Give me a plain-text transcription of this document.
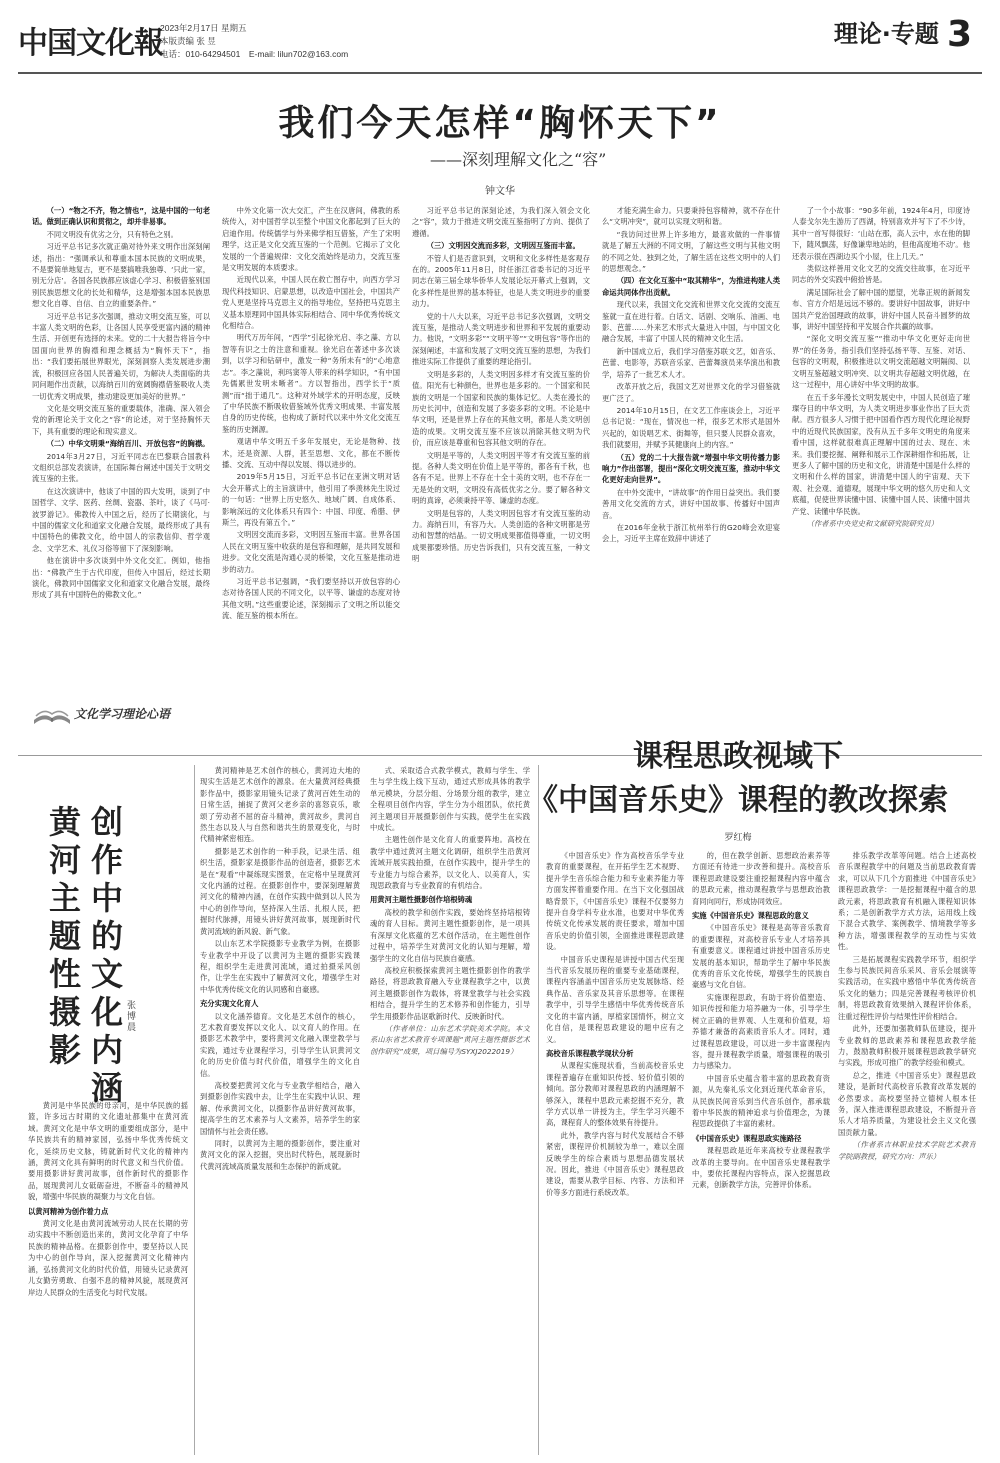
中国文化報
2023年2月17日 星期五
本版责编 张 昱
电话：010-64294501　E-mail: lilun702@163.com
理论·专题 3
我们今天怎样“胸怀天下”
——深刻理解文化之“容”
钟文华

（一）“物之不齐，物之情也”，这是中国的一句老话。做到正确认识和贯彻之，却并非易事。

不同文明没有优劣之分，只有特色之别。

习近平总书记多次就正确对待外来文明作出深刻阐述，指出：“强调承认和尊重本国本民族的文明成果，不是要简单地复古，更不是要搞唯我独尊、‘只此一家，别无分店’。各国各民族都应该虚心学习、积极借鉴别国别民族思想文化的长处和精华，这是增强本国本民族思想文化自尊、自信、自立的重要条件。”

习近平总书记多次强调，推动文明交流互鉴，可以丰富人类文明的色彩，让各国人民享受更富内涵的精神生活、开创更有选择的未来。党的二十大报告将旨今中国面向世界的胸襟和理念概括为“胸怀天下”，指出：“我们要拓展世界眼光，深刻洞察人类发展进步潮流，积极回应各国人民普遍关切，为解决人类面临的共同问题作出贡献，以海纳百川的宽阔胸襟借鉴吸收人类一切优秀文明成果，推动建设更加美好的世界。”

文化是交明交流互鉴的重要载体，准确、深入领会党的新理论关于文化之“容”的论述，对于坚持胸怀天下，具有重要的理论和现实意义。

（二）中华文明秉“海纳百川、开放包容”的胸襟。

2014年3月27日，习近平同志在巴黎联合国教科文组织总部发表演讲，在国际舞台阐述中国关于文明交流互鉴的主张。

在这次演讲中，他谈了中国的四大发明，谈到了中国哲学、文学、医药、丝绸、瓷器、茶叶，谈了《马可·波罗游记》。佛教传入中国之后，经历了长期演化，与中国的儒家文化和道家文化融合发展，最终形成了具有中国特色的佛教文化，给中国人的宗教信仰、哲学观念、文学艺术、礼仪习俗等留下了深刻影响。

他在演讲中多次谈到中外文化交汇。例如，他指出：“佛教产生于古代印度，但传入中国后，经过长期演化，佛教同中国儒家文化和道家文化融合发展，最终形成了具有中国特色的佛教文化。”

中外文化第一次大交汇，产生在汉唐间，佛教的系统传入，对中国哲学以至整个中国文化都起到了巨大的启迪作用。传统儒学与外来佛学相互借鉴，产生了宋明理学，这正是文化交流互鉴的一个范例。它揭示了文化发展的一个普遍规律：文化交流始终是动力，交流互鉴是文明发展的本质要求。

近现代以来，中国人民在救亡图存中，向西方学习现代科技知识、启蒙思想，以改造中国社会，中国共产党人更是坚持马克思主义的指导地位，坚持把马克思主义基本原理同中国具体实际相结合、同中华优秀传统文化相结合。

明代万历年间，“西学”引起徐光启、李之藻、方以智等有识之士的注意和重视。徐光启在著述中多次谈到，以学习和钻研中，激发一种“务所未有”的“心地意志”。李之藻说，利玛窦等人带来的科学知识，“有中国先儒累世发明未晰者”。方以智指出，西学长于“质测”而“拙于通几”。这种对外域学术的开明态度，反映了中华民族不断吸收借鉴域外优秀文明成果、丰富发展自身的历史传统，也构成了新时代以来中外文化交流互鉴的历史渊源。

观诸中华文明五千多年发展史，无论是物种、技术，还是资源、人群，甚至思想、文化，都在不断传播、交流、互动中得以发展、得以进步的。

2019年5月15日，习近平总书记在亚洲文明对话大会开幕式上的主旨演讲中，他引用了季羡林先生说过的一句话：“世界上历史悠久、地域广阔、自成体系、影响深远的文化体系只有四个：中国、印度、希腊、伊斯兰，再没有第五个。”

文明因交流而多彩，文明因互鉴而丰富。世界各国人民在文明互鉴中收获的是包容和理解，是共同发展和进步。文化交流是沟通心灵的桥梁，文化互鉴是推动进步的动力。

习近平总书记强调，“我们要坚持以开放包容的心态对待各国人民的不同文化，以平等、谦虚的态度对待其他文明。”这些重要论述，深刻揭示了文明之所以能交流、能互鉴的根本所在。

习近平总书记的深刻论述，为我们深入领会文化之“容”，致力于推进文明交流互鉴指明了方向、提供了遵循。

（三）文明因交流而多彩，文明因互鉴而丰富。

不管人们是否意识到，文明和文化多样性是客观存在的。2005年11月8日，时任浙江省委书记的习近平同志在第三届全球华侨华人发展论坛开幕式上强调，文化多样性是世界的基本特征，也是人类文明进步的重要动力。

党的十八大以来，习近平总书记多次强调，文明交流互鉴，是推动人类文明进步和世界和平发展的重要动力。他说，“文明多彩”“文明平等”“文明包容”等作出的深刻阐述，丰富和发展了文明交流互鉴的思想，为我们推进实际工作提供了重要的理论指引。

文明是多彩的，人类文明因多样才有交流互鉴的价值。阳光有七种颜色，世界也是多彩的。一个国家和民族的文明是一个国家和民族的集体记忆。人类在漫长的历史长河中，创造和发展了多姿多彩的文明。不论是中华文明，还是世界上存在的其他文明，都是人类文明创造的成果。文明交流互鉴不应该以消除其他文明为代价，而应该是尊重和包容其他文明的存在。

文明是平等的，人类文明因平等才有交流互鉴的前提。各种人类文明在价值上是平等的，都各有千秋，也各有不足。世界上不存在十全十美的文明，也不存在一无是处的文明，文明没有高低优劣之分。要了解各种文明的真谛，必须秉持平等、谦虚的态度。

文明是包容的，人类文明因包容才有交流互鉴的动力。海纳百川，有容乃大。人类创造的各种文明都是劳动和智慧的结晶。一切文明成果都值得尊重，一切文明成果都要珍惜。历史告诉我们，只有交流互鉴，一种文明

才能充满生命力。只要秉持包容精神，就不存在什么“文明冲突”，就可以实现文明和谐。

“我访问过世界上许多地方，最喜欢做的一件事情就是了解五大洲的不同文明，了解这些文明与其他文明的不同之处、独到之处，了解生活在这些文明中的人们的思想观念。”

（四）在文化互鉴中“取其精华”，为推进构建人类命运共同体作出贡献。

现代以来，我国文化交流和世界文化交流的交流互鉴就一直在进行着。白话文、话剧、交响乐、油画、电影、芭蕾……外来艺术形式大量进入中国，与中国文化融合发展，丰富了中国人民的精神文化生活。

新中国成立后，我们学习借鉴苏联文艺，如音乐、芭蕾、电影等，苏联音乐家、芭蕾舞演员来华演出和教学，培养了一批艺术人才。

改革开放之后，我国文艺对世界文化的学习借鉴就更广泛了。

2014年10月15日，在文艺工作座谈会上，习近平总书记说：“现在，情况也一样，很多艺术形式是国外兴起的，如说唱艺术、街舞等，但只要人民群众喜欢，我们就要用，并赋予其健康向上的内容。”

（五）党的二十大报告就“增强中华文明传播力影响力”作出部署，提出“深化文明交流互鉴，推动中华文化更好走向世界”。

在中外交流中，“讲故事”的作用日益突出。我们要善用文化交流的方式，讲好中国故事、传播好中国声音。

在2016年金秋于浙江杭州举行的G20峰会欢迎宴会上，习近平主席在致辞中讲述了

了一个小故事：“90多年前，1924年4月，印度诗人泰戈尔先生游历了西湖，特别喜欢并写下了不少诗，其中一首写得很好：‘山站在那，高人云中，水在他的脚下，随风飘荡，好像谦卑地站的，但他高度地不动’。他还表示很在西湖边买个小屋，住上几天。”

类似这样善用文化文艺的交流交往故事，在习近平同志的外交实践中俯拾皆是。

满足国际社会了解中国的愿望，光靠正规的新闻发布、官方介绍是远远不够的。要讲好中国故事，讲好中国共产党治国理政的故事，讲好中国人民奋斗圆梦的故事，讲好中国坚持和平发展合作共赢的故事。

“深化文明交流互鉴”“推动中华文化更好走向世界”的任务务，指引我们坚持弘扬平等、互鉴、对话、包容的文明观，积极推进以文明交流超越文明隔阂、以文明互鉴超越文明冲突、以文明共存超越文明优越，在这一过程中，用心讲好中华文明的故事。

在五千多年漫长文明发展史中，中国人民创造了璀璨夺目的中华文明，为人类文明进步事业作出了巨大贡献。西方很多人习惯于把中国看作西方现代化理论视野中的近现代民族国家，没有从五千多年文明史的角度来看中国，这样就很难真正理解中国的过去、现在、未来。我们要挖掘、阐释和展示工作深耕细作和拓展，让更多人了解中国的历史和文化，讲清楚中国是什么样的文明和什么样的国家，讲清楚中国人的宇宙观、天下观、社会观、道德观，展现中华文明的悠久历史和人文底蕴，促使世界读懂中国、读懂中国人民、读懂中国共产党、读懂中华民族。

（作者系中央党史和文献研究院研究员）

文化学习理论心语
创作中的文化内涵
黄河主题性摄影	张博晨

黄河是中华民族的母亲河，是中华民族的摇篮，许多远古时期的文化遗址都集中在黄河流域。黄河文化是中华文明的重要组成部分，是中华民族共有的精神家园，弘扬中华优秀传统文化，延续历史文脉，铸就新时代文化的精神内涵，黄河文化具有鲜明的时代意义和当代价值。要用摄影讲好黄河故事，创作新时代的摄影作品，展现黄河儿女砥砺奋进，不断奋斗的精神风貌，增强中华民族的凝聚力与文化自信。

以黄河精神为创作着力点

黄河文化是由黄河流域劳动人民在长期的劳动实践中不断创造出来的，黄河文化孕育了中华民族的精神品格。在摄影创作中，要坚持以人民为中心的创作导向，深入挖掘黄河文化精神内涵，弘扬黄河文化的时代价值，用镜头记录黄河儿女勤劳勇敢、自强不息的精神风貌，展现黄河岸边人民群众的生活变化与时代发展。

黄河精神是艺术创作的核心，黄河边大地的现实生活是艺术创作的源泉。在大量黄河经典摄影作品中，摄影家用镜头记录了黄河百姓生动的日常生活，捕捉了黄河父老乡亲的喜怒哀乐，歌颂了劳动者不屈的奋斗精神，黄河故乡，黄河自然生态以及人与自然和谐共生的景观变化，与时代精神紧密相连。

摄影是艺术创作的一种手段，记录生活、组织生活，摄影家是摄影作品的创造者，摄影艺术是在“观看”中凝练现实图景，在定格中呈现黄河文化内涵的过程。在摄影创作中，要深刻理解黄河文化的精神内涵，在创作实践中做到以人民为中心的创作导向，坚持深入生活、扎根人民，把握时代脉搏，用镜头讲好黄河故事，展现新时代黄河流域的新风貌、新气象。

以山东艺术学院摄影专业教学为例，在摄影专业教学中开设了以黄河为主题的摄影实践课程，组织学生走进黄河流域，通过拍摄采风创作，让学生在实践中了解黄河文化，增强学生对中华优秀传统文化的认同感和自豪感。

充分实现文化育人

以文化涵养德育。文化是艺术创作的核心，艺术教育要发挥以文化人、以文育人的作用。在摄影艺术教学中，要将黄河文化融入课堂教学与实践，通过专业课程学习，引导学生认识黄河文化的历史价值与时代价值，增强学生的文化自信。

高校要把黄河文化与专业教学相结合，融入到摄影创作实践中去，让学生在实践中认识、理解、传承黄河文化，以摄影作品讲好黄河故事，提高学生的艺术素养与人文素养，培养学生的家国情怀与社会责任感。

同时，以黄河为主题的摄影创作，要注重对黄河文化的深入挖掘，突出时代特色，展现新时代黄河流域高质量发展和生态保护的新成就。

式、采取适合式教学模式，教师与学生、学生与学生线上线下互动，通过式形成具体的教学单元模块，分层分组、分场景分组的教学，建立全程项目创作内容，学生分为小组团队，依托黄河主题项目开展摄影创作与实践，使学生在实践中成长。

主题性创作是文化育人的重要阵地。高校在教学中通过黄河主题文化调研，组织学生沿黄河流域开展实践拍摄，在创作实践中，提升学生的专业能力与综合素养，以文化人、以美育人，实现思政教育与专业教育的有机结合。

用黄河主题性摄影创作培根铸魂

高校的教学和创作实践，要始终坚持培根铸魂的育人目标。黄河主题性摄影创作，是一项具有深厚文化底蕴的艺术创作活动，在主题性创作过程中，培养学生对黄河文化的认知与理解，增强学生的文化自信与民族自豪感。

高校应积极探索黄河主题性摄影创作的教学路径，将思政教育融入专业课程教学之中，以黄河主题摄影创作为载体，将课堂教学与社会实践相结合，提升学生的艺术修养和创作能力，引导学生用摄影作品讴歌新时代、反映新时代。

（作者单位：山东艺术学院美术学院。本文系山东省艺术教育专项课题“黄河主题性摄影艺术创作研究”成果，项目编号为SYXJ2022019）

课程思政视域下
《中国音乐史》课程的教改探索
罗红梅

《中国音乐史》作为高校音乐学专业教育的重要课程，在开拓学生艺术视野、提升学生音乐综合能力和专业素养能力等方面发挥着重要作用。在当下文化强国战略背景下，《中国音乐史》课程不仅要努力提升自身学科专业水准，也要对中华优秀传统文化传承发展的责任要求，增加中国音乐史的价值引领，全面推进课程思政建设。

中国音乐史课程是讲授中国古代至现当代音乐发展历程的重要专业基础课程，课程内容涵盖中国音乐历史发展脉络、经典作品、音乐家及其音乐思想等。在课程教学中，引导学生感悟中华优秀传统音乐文化的丰富内涵，厚植家国情怀，树立文化自信，是课程思政建设的题中应有之义。

高校音乐课程教学现状分析

从课程实施现状看，当前高校音乐史课程普遍存在重知识传授、轻价值引领的倾向。部分教师对课程思政的内涵理解不够深入，课程中思政元素挖掘不充分，教学方式以单一讲授为主，学生学习兴趣不高，课程育人的整体效果有待提升。

此外，教学内容与时代发展结合不够紧密，课程评价机制较为单一，难以全面反映学生的综合素质与思想品德发展状况。因此，推进《中国音乐史》课程思政建设，需要从教学目标、内容、方法和评价等多方面进行系统改革。

的，但在教学创新、思想政治素养等方面还有待进一步改善和提升。高校音乐课程思政建设要注重挖掘课程内容中蕴含的思政元素，推动课程教学与思想政治教育同向同行，形成协同效应。

实施《中国音乐史》课程思政的意义

《中国音乐史》课程是高等音乐教育的重要课程，对高校音乐专业人才培养具有重要意义。课程通过讲授中国音乐历史发展的基本知识，帮助学生了解中华民族优秀的音乐文化传统，增强学生的民族自豪感与文化自信。

实施课程思政，有助于将价值塑造、知识传授和能力培养融为一体，引导学生树立正确的世界观、人生观和价值观，培养德才兼备的高素质音乐人才。同时，通过课程思政建设，可以进一步丰富课程内容，提升课程教学质量，增强课程的吸引力与感染力。

中国音乐史蕴含着丰富的思政教育资源，从先秦礼乐文化到近现代革命音乐，从民族民间音乐到当代音乐创作，都承载着中华民族的精神追求与价值理念，为课程思政提供了丰富的素材。

《中国音乐史》课程思政实施路径

课程思政是近年来高校专业课程教学改革的主要导向。在中国音乐史课程教学中，要依托课程内容特点，深入挖掘思政元素，创新教学方法，完善评价体系。

排乐教学改革等问题。结合上述高校音乐课程教学中的问题及当前思政教育需求，可以从下几个方面推进《中国音乐史》课程思政教学：一是挖掘课程中蕴含的思政元素，将思政教育有机融入课程知识体系；二是创新教学方式方法，运用线上线下混合式教学、案例教学、情境教学等多种方法，增强课程教学的互动性与实效性。

三是拓展课程实践教学环节，组织学生参与民族民间音乐采风、音乐会展演等实践活动，在实践中感悟中华优秀传统音乐文化的魅力；四是完善课程考核评价机制，将思政教育效果纳入课程评价体系，注重过程性评价与结果性评价相结合。

此外，还要加强教师队伍建设，提升专业教师的思政素养和课程思政教学能力，鼓励教师积极开展课程思政教学研究与实践，形成可推广的教学经验和模式。

总之，推进《中国音乐史》课程思政建设，是新时代高校音乐教育改革发展的必然要求。高校要坚持立德树人根本任务，深入推进课程思政建设，不断提升音乐人才培养质量，为建设社会主义文化强国贡献力量。

（作者系吉林职业技术学院艺术教育学院副教授，研究方向：声乐）
